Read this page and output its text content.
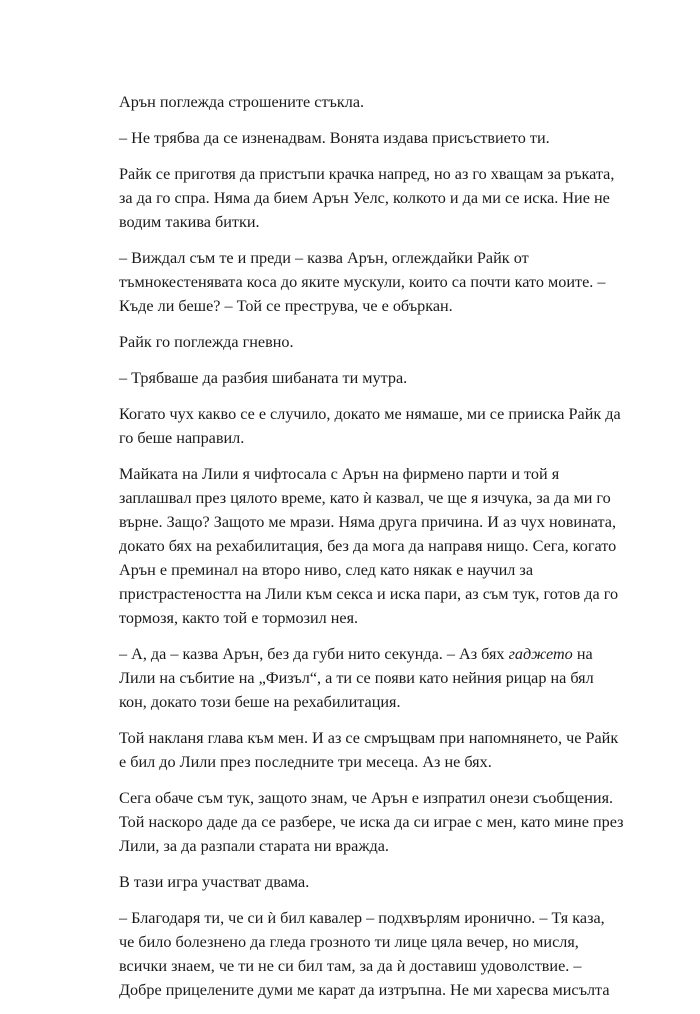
Арън поглежда строшените стъкла.

– Не трябва да се изненадвам. Вонята издава присъствието ти.

Райк се приготвя да пристъпи крачка напред, но аз го хващам за ръката,
за да го спра. Няма да бием Арън Уелс, колкото и да ми се иска. Ние не
водим такива битки.

– Виждал съм те и преди – казва Арън, оглеждайки Райк от
тъмнокестенявата коса до яките мускули, които са почти като моите. –
Къде ли беше? – Той се преструва, че е объркан.

Райк го поглежда гневно.

– Трябваше да разбия шибаната ти мутра.

Когато чух какво се е случило, докато ме нямаше, ми се прииска Райк да
го беше направил.

Майката на Лили я чифтосала с Арън на фирмено парти и той я
заплашвал през цялото време, като ѝ казвал, че ще я изчука, за да ми го
върне. Защо? Защото ме мрази. Няма друга причина. И аз чух новината,
докато бях на рехабилитация, без да мога да направя нищо. Сега, когато
Арън е преминал на второ ниво, след като някак е научил за
пристрастеността на Лили към секса и иска пари, аз съм тук, готов да го
тормозя, както той е тормозил нея.

– А, да – казва Арън, без да губи нито секунда. – Аз бях гаджето на
Лили на събитие на „Физъл“, а ти се появи като нейния рицар на бял
кон, докато този беше на рехабилитация.

Той накланя глава към мен. И аз се смръщвам при напомнянето, че Райк
е бил до Лили през последните три месеца. Аз не бях.

Сега обаче съм тук, защото знам, че Арън е изпратил онези съобщения.
Той наскоро даде да се разбере, че иска да си играе с мен, като мине през
Лили, за да разпали старата ни вражда.

В тази игра участват двама.

– Благодаря ти, че си ѝ бил кавалер – подхвърлям иронично. – Тя каза,
че било болезнено да гледа грозното ти лице цяла вечер, но мисля,
всички знаем, че ти не си бил там, за да ѝ доставиш удоволствие. –
Добре прицелените думи ме карат да изтръпна. Не ми харесва мисълта
